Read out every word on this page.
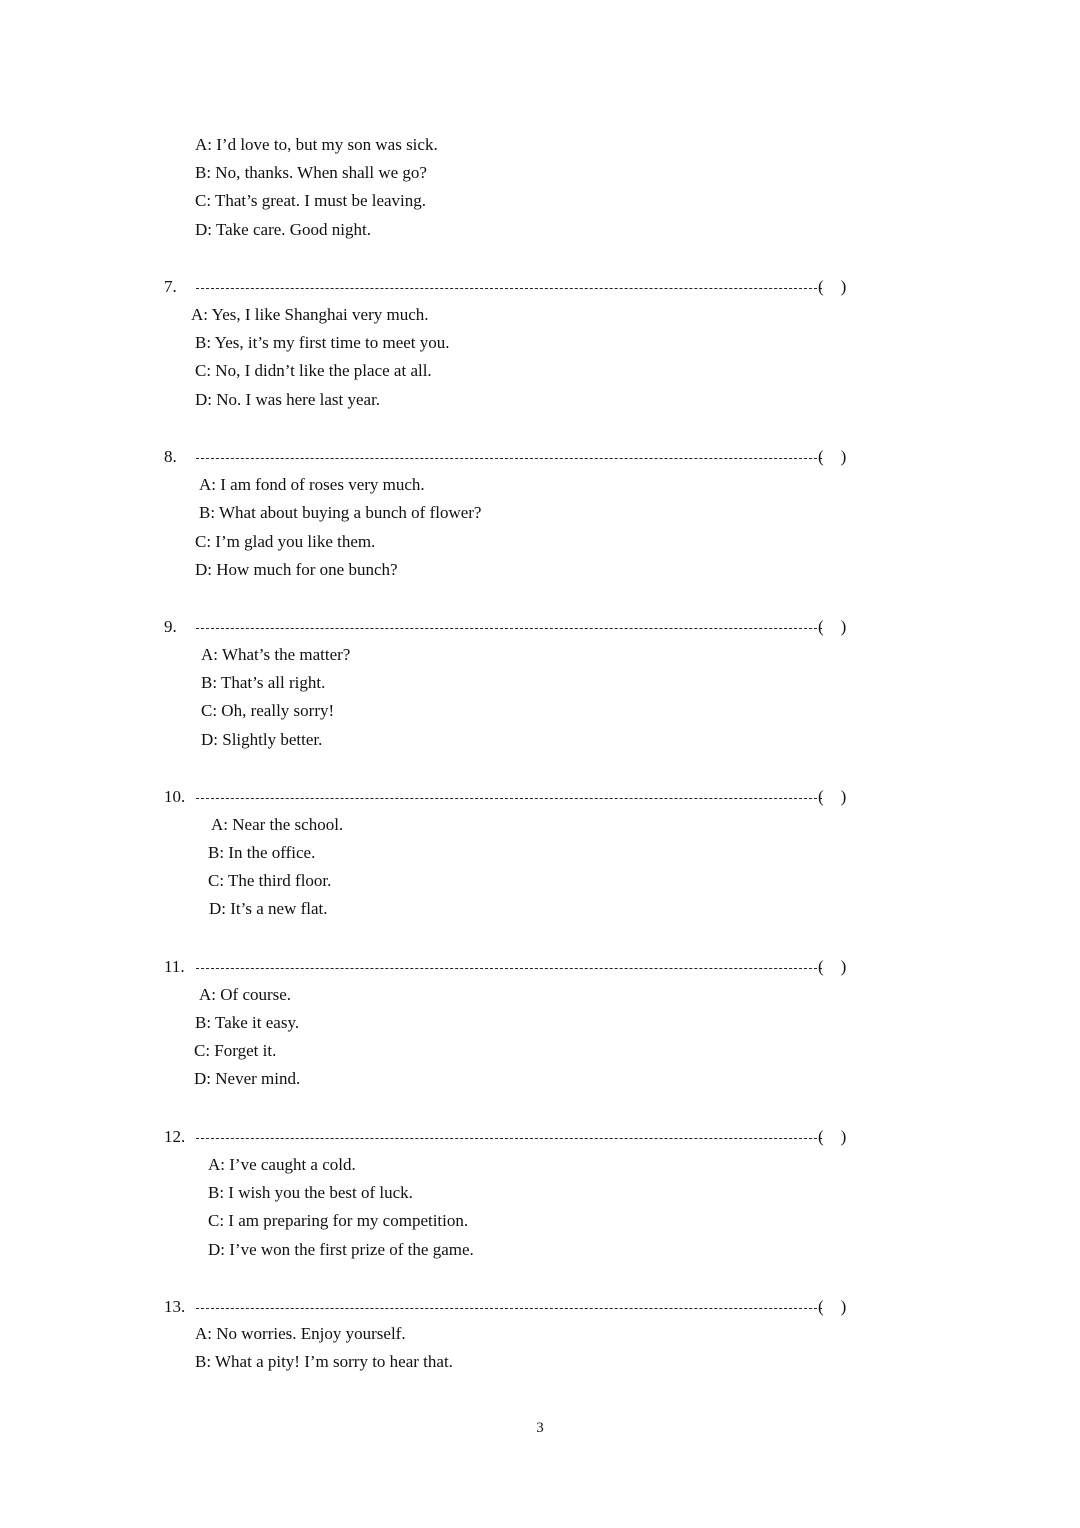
A: I’d love to, but my son was sick.
B: No, thanks. When shall we go?
C: That’s great. I must be leaving.
D: Take care. Good night.
7.	(    )
A: Yes, I like Shanghai very much.
B: Yes, it’s my first time to meet you.
C: No, I didn’t like the place at all.
D: No. I was here last year.
8.	(    )
A: I am fond of roses very much.
B: What about buying a bunch of flower?
C: I’m glad you like them.
D: How much for one bunch?
9.	(    )
A: What’s the matter?
B: That’s all right.
C: Oh, really sorry!
D: Slightly better.
10.	(    )
A: Near the school.
B: In the office.
C: The third floor.
D: It’s a new flat.
11.	(    )
A: Of course.
B: Take it easy.
C: Forget it.
D: Never mind.
12.	(    )
A: I’ve caught a cold.
B: I wish you the best of luck.
C: I am preparing for my competition.
D: I’ve won the first prize of the game.
13.	(    )
A: No worries. Enjoy yourself.
B: What a pity! I’m sorry to hear that.
3
